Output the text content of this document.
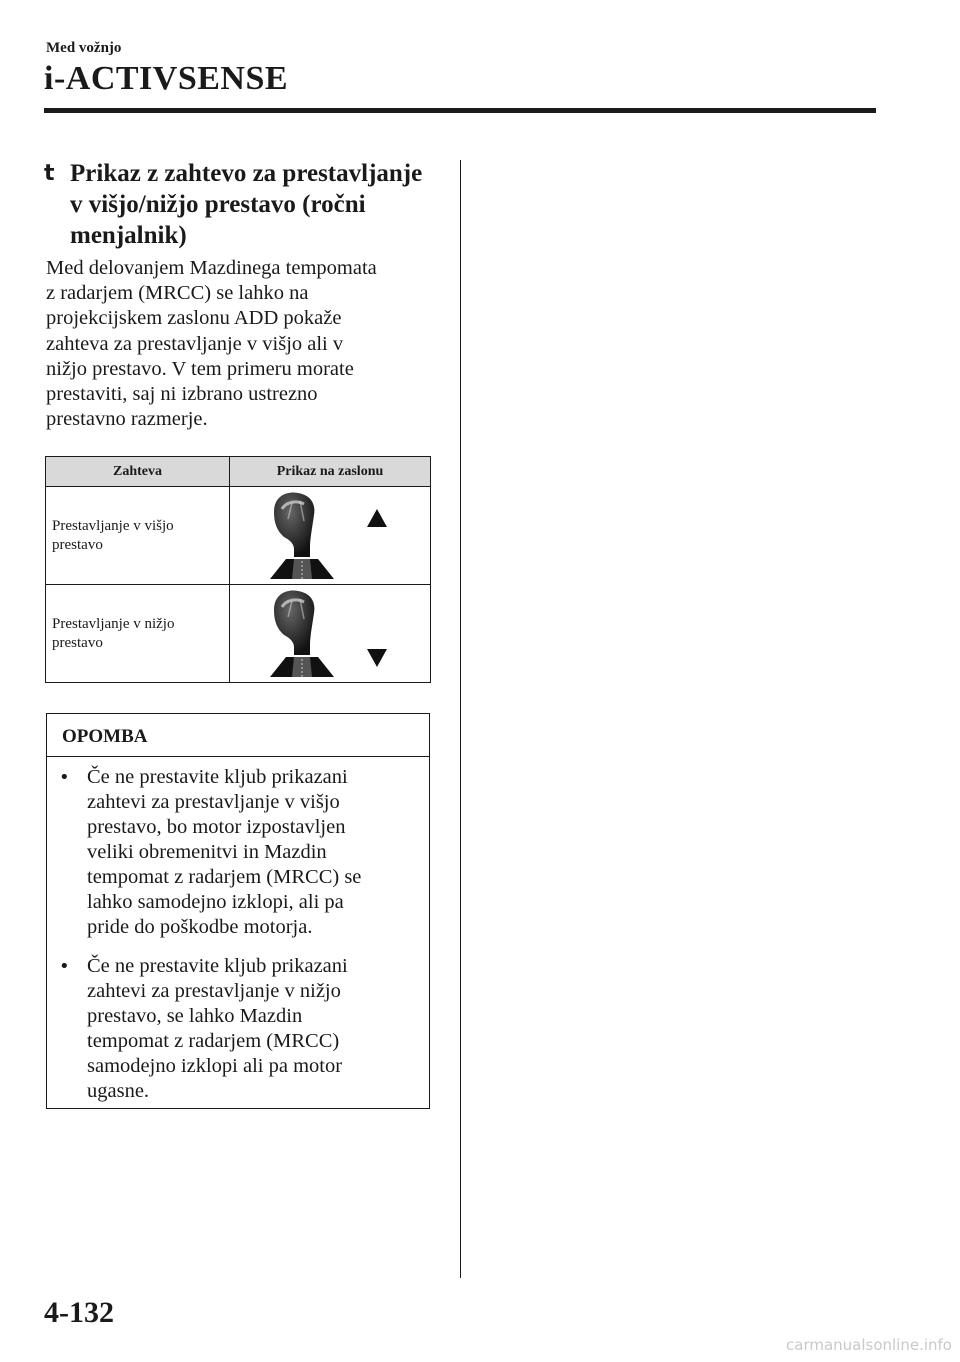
Med vožnjo
i-ACTIVSENSE
t Prikaz z zahtevo za prestavljanje
v višjo/nižjo prestavo (ročni
menjalnik)
Med delovanjem Mazdinega tempomata
z radarjem (MRCC) se lahko na
projekcijskem zaslonu ADD pokaže
zahteva za prestavljanje v višjo ali v
nižjo prestavo. V tem primeru morate
prestaviti, saj ni izbrano ustrezno
prestavno razmerje.
Zahteva	Prikaz na zaslonu

Prestavljanje v višjo
prestavo

Prestavljanje v nižjo
prestavo

OPOMBA
• Če ne prestavite kljub prikazani
zahtevi za prestavljanje v višjo
prestavo, bo motor izpostavljen
veliki obremenitvi in Mazdin
tempomat z radarjem (MRCC) se
lahko samodejno izklopi, ali pa
pride do poškodbe motorja.
• Če ne prestavite kljub prikazani
zahtevi za prestavljanje v nižjo
prestavo, se lahko Mazdin
tempomat z radarjem (MRCC)
samodejno izklopi ali pa motor
ugasne.
4-132
carmanualsonline.info
